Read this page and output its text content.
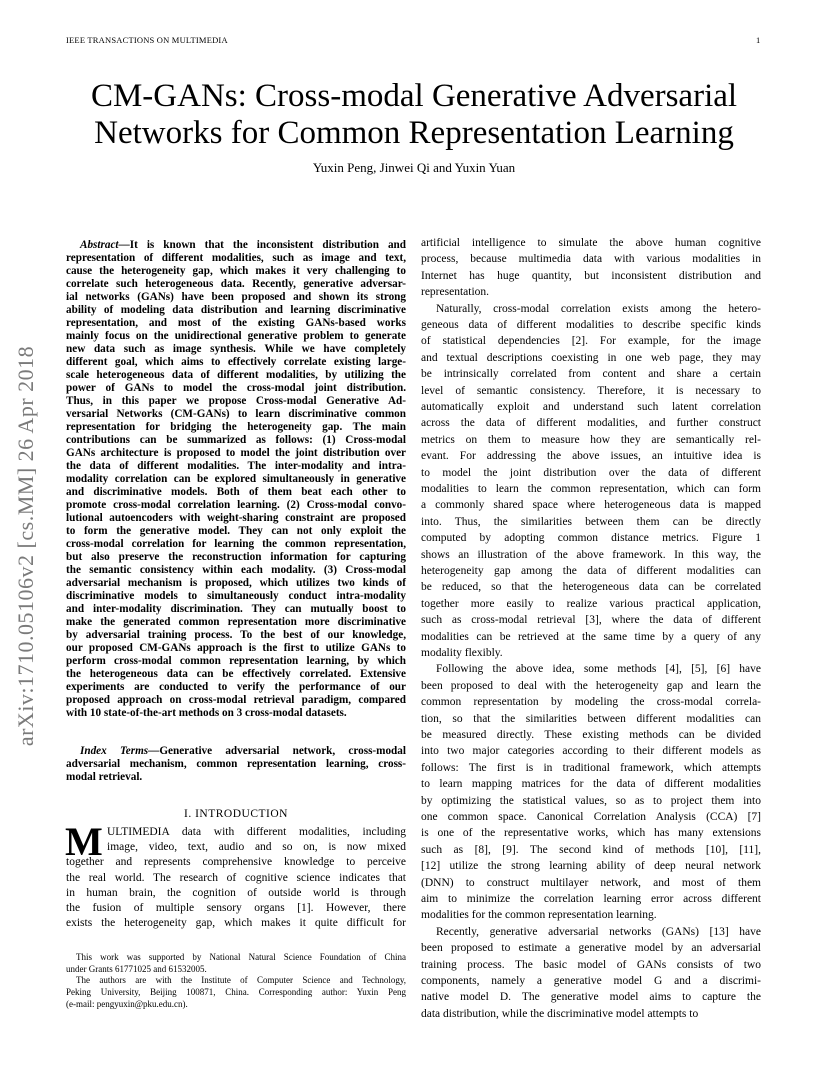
IEEE TRANSACTIONS ON MULTIMEDIA	1
CM-GANs: Cross-modal Generative Adversarial
Networks for Common Representation Learning
Yuxin Peng, Jinwei Qi and Yuxin Yuan
arXiv:1710.05106v2 [cs.MM] 26 Apr 2018
Abstract—It is known that the inconsistent distribution and
representation of different modalities, such as image and text,
cause the heterogeneity gap, which makes it very challenging to
correlate such heterogeneous data. Recently, generative adversar-
ial networks (GANs) have been proposed and shown its strong
ability of modeling data distribution and learning discriminative
representation, and most of the existing GANs-based works
mainly focus on the unidirectional generative problem to generate
new data such as image synthesis. While we have completely
different goal, which aims to effectively correlate existing large-
scale heterogeneous data of different modalities, by utilizing the
power of GANs to model the cross-modal joint distribution.
Thus, in this paper we propose Cross-modal Generative Ad-
versarial Networks (CM-GANs) to learn discriminative common
representation for bridging the heterogeneity gap. The main
contributions can be summarized as follows: (1) Cross-modal
GANs architecture is proposed to model the joint distribution over
the data of different modalities. The inter-modality and intra-
modality correlation can be explored simultaneously in generative
and discriminative models. Both of them beat each other to
promote cross-modal correlation learning. (2) Cross-modal convo-
lutional autoencoders with weight-sharing constraint are proposed
to form the generative model. They can not only exploit the
cross-modal correlation for learning the common representation,
but also preserve the reconstruction information for capturing
the semantic consistency within each modality. (3) Cross-modal
adversarial mechanism is proposed, which utilizes two kinds of
discriminative models to simultaneously conduct intra-modality
and inter-modality discrimination. They can mutually boost to
make the generated common representation more discriminative
by adversarial training process. To the best of our knowledge,
our proposed CM-GANs approach is the first to utilize GANs to
perform cross-modal common representation learning, by which
the heterogeneous data can be effectively correlated. Extensive
experiments are conducted to verify the performance of our
proposed approach on cross-modal retrieval paradigm, compared
with 10 state-of-the-art methods on 3 cross-modal datasets.
Index Terms—Generative adversarial network, cross-modal
adversarial mechanism, common representation learning, cross-
modal retrieval.
I. INTRODUCTION
M ULTIMEDIA data with different modalities, including
image, video, text, audio and so on, is now mixed
together and represents comprehensive knowledge to perceive
the real world. The research of cognitive science indicates that
in human brain, the cognition of outside world is through
the fusion of multiple sensory organs [1]. However, there
exists the heterogeneity gap, which makes it quite difficult for
This work was supported by National Natural Science Foundation of China
under Grants 61771025 and 61532005.
The authors are with the Institute of Computer Science and Technology,
Peking University, Beijing 100871, China. Corresponding author: Yuxin Peng
(e-mail: pengyuxin@pku.edu.cn).
artificial intelligence to simulate the above human cognitive
process, because multimedia data with various modalities in
Internet has huge quantity, but inconsistent distribution and
representation.
Naturally, cross-modal correlation exists among the hetero-
geneous data of different modalities to describe specific kinds
of statistical dependencies [2]. For example, for the image
and textual descriptions coexisting in one web page, they may
be intrinsically correlated from content and share a certain
level of semantic consistency. Therefore, it is necessary to
automatically exploit and understand such latent correlation
across the data of different modalities, and further construct
metrics on them to measure how they are semantically rel-
evant. For addressing the above issues, an intuitive idea is
to model the joint distribution over the data of different
modalities to learn the common representation, which can form
a commonly shared space where heterogeneous data is mapped
into. Thus, the similarities between them can be directly
computed by adopting common distance metrics. Figure 1
shows an illustration of the above framework. In this way, the
heterogeneity gap among the data of different modalities can
be reduced, so that the heterogeneous data can be correlated
together more easily to realize various practical application,
such as cross-modal retrieval [3], where the data of different
modalities can be retrieved at the same time by a query of any
modality flexibly.
Following the above idea, some methods [4], [5], [6] have
been proposed to deal with the heterogeneity gap and learn the
common representation by modeling the cross-modal correla-
tion, so that the similarities between different modalities can
be measured directly. These existing methods can be divided
into two major categories according to their different models as
follows: The first is in traditional framework, which attempts
to learn mapping matrices for the data of different modalities
by optimizing the statistical values, so as to project them into
one common space. Canonical Correlation Analysis (CCA) [7]
is one of the representative works, which has many extensions
such as [8], [9]. The second kind of methods [10], [11],
[12] utilize the strong learning ability of deep neural network
(DNN) to construct multilayer network, and most of them
aim to minimize the correlation learning error across different
modalities for the common representation learning.
Recently, generative adversarial networks (GANs) [13] have
been proposed to estimate a generative model by an adversarial
training process. The basic model of GANs consists of two
components, namely a generative model G and a discrimi-
native model D. The generative model aims to capture the
data distribution, while the discriminative model attempts to
